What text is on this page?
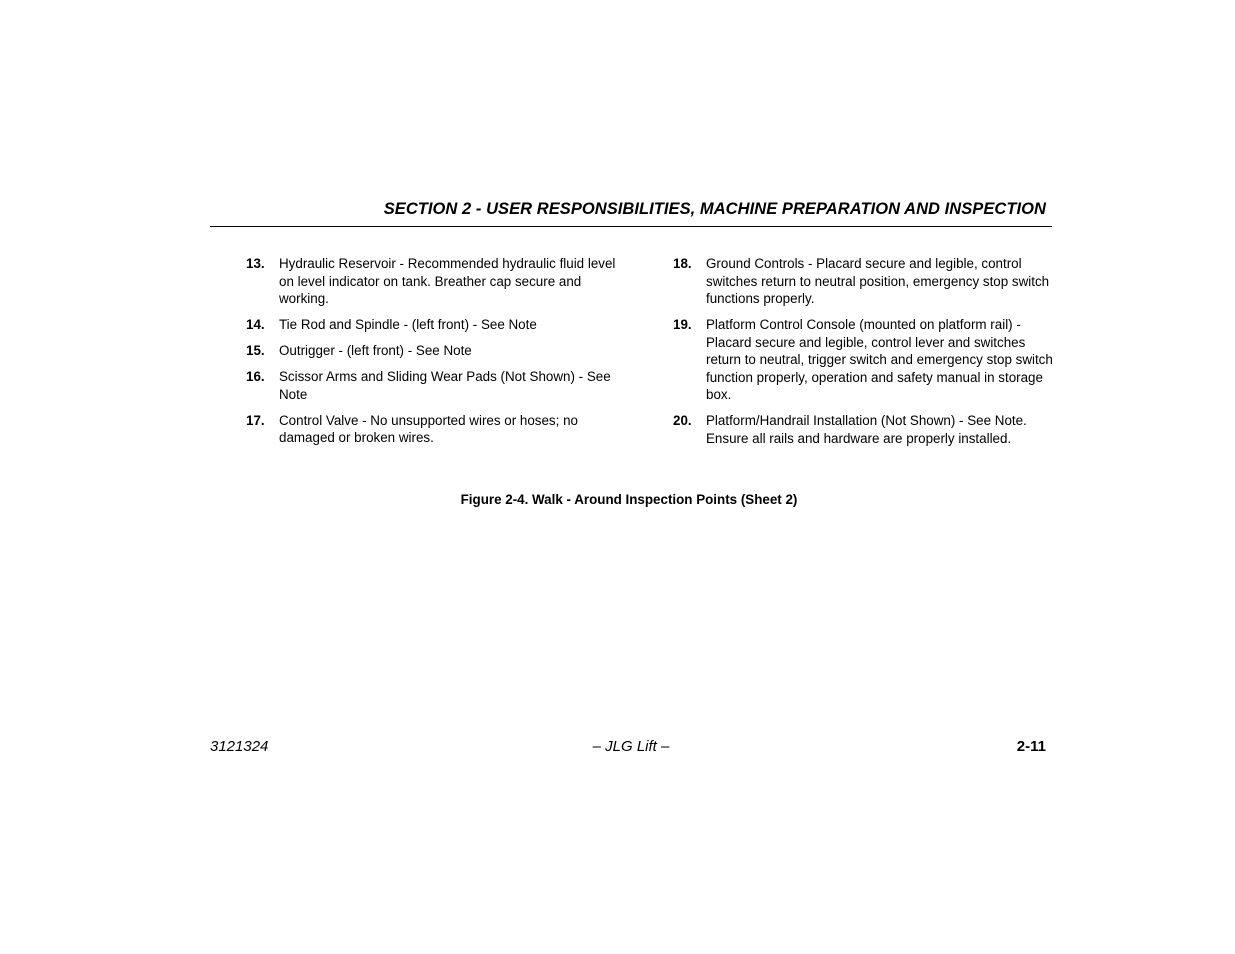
SECTION 2 - USER RESPONSIBILITIES, MACHINE PREPARATION AND INSPECTION
13.	Hydraulic Reservoir - Recommended hydraulic fluid level on level indicator on tank. Breather cap secure and working.
14.	Tie Rod and Spindle - (left front) - See Note
15.	Outrigger - (left front) - See Note
16.	Scissor Arms and Sliding Wear Pads (Not Shown) - See Note
17.	Control Valve - No unsupported wires or hoses; no damaged or broken wires.
18.	Ground Controls - Placard secure and legible, control switches return to neutral position, emergency stop switch functions properly.
19.	Platform Control Console (mounted on platform rail) - Placard secure and legible, control lever and switches return to neutral, trigger switch and emergency stop switch function properly, operation and safety manual in storage box.
20.	Platform/Handrail Installation (Not Shown) - See Note. Ensure all rails and hardware are properly installed.
Figure 2-4. Walk - Around Inspection Points (Sheet 2)
3121324	– JLG Lift –	2-11
